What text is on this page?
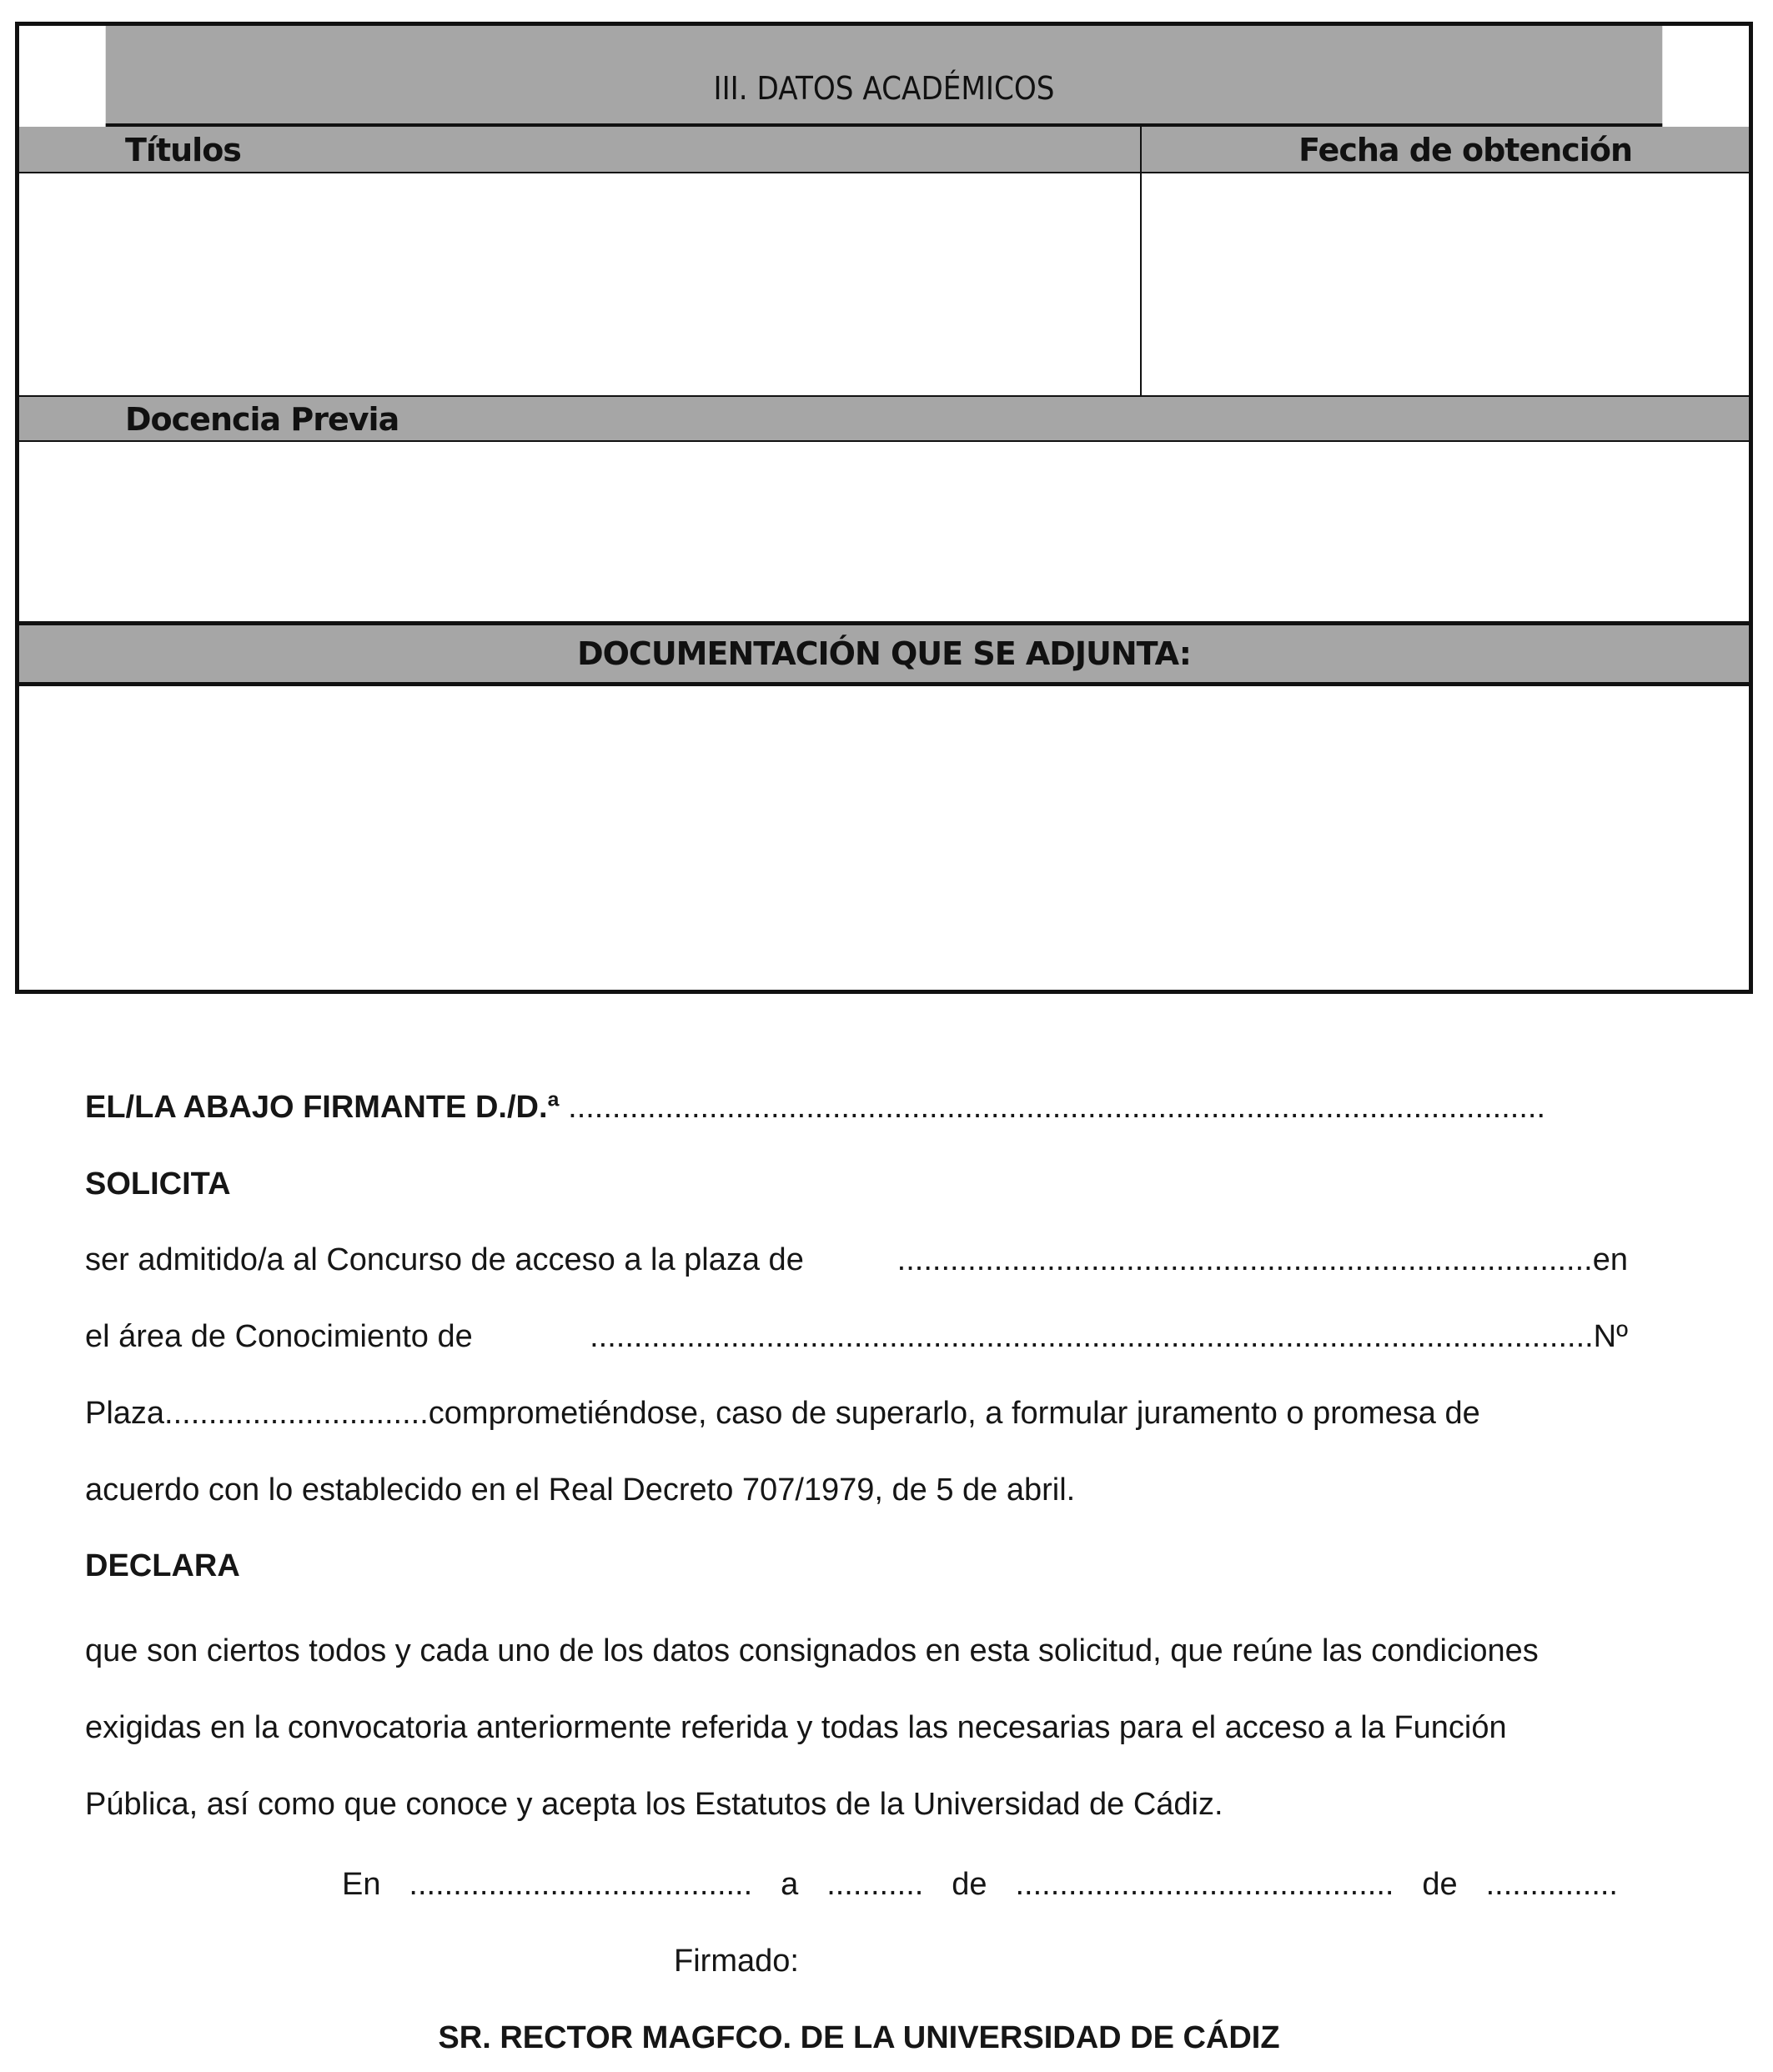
III. DATOS ACADÉMICOS
Títulos	Fecha de obtención
Docencia Previa
DOCUMENTACIÓN QUE SE ADJUNTA:
EL/LA ABAJO FIRMANTE D./D.ª ...............................................................................................................
SOLICITA
ser admitido/a al Concurso de acceso a la plaza de	...............................................................................en
el área de Conocimiento de	..................................................................................................................Nº
Plaza..............................comprometiéndose, caso de superarlo, a formular juramento o promesa de
acuerdo con lo establecido en el Real Decreto 707/1979, de 5 de abril.
DECLARA
que son ciertos todos y cada uno de los datos consignados en esta solicitud, que reúne las condiciones
exigidas en la convocatoria anteriormente referida y todas las necesarias para el acceso a la Función
Pública, así como que conoce y acepta los Estatutos de la Universidad de Cádiz.
En ....................................... a ........... de ........................................... de ...............
Firmado:
SR. RECTOR MAGFCO. DE LA UNIVERSIDAD DE CÁDIZ
